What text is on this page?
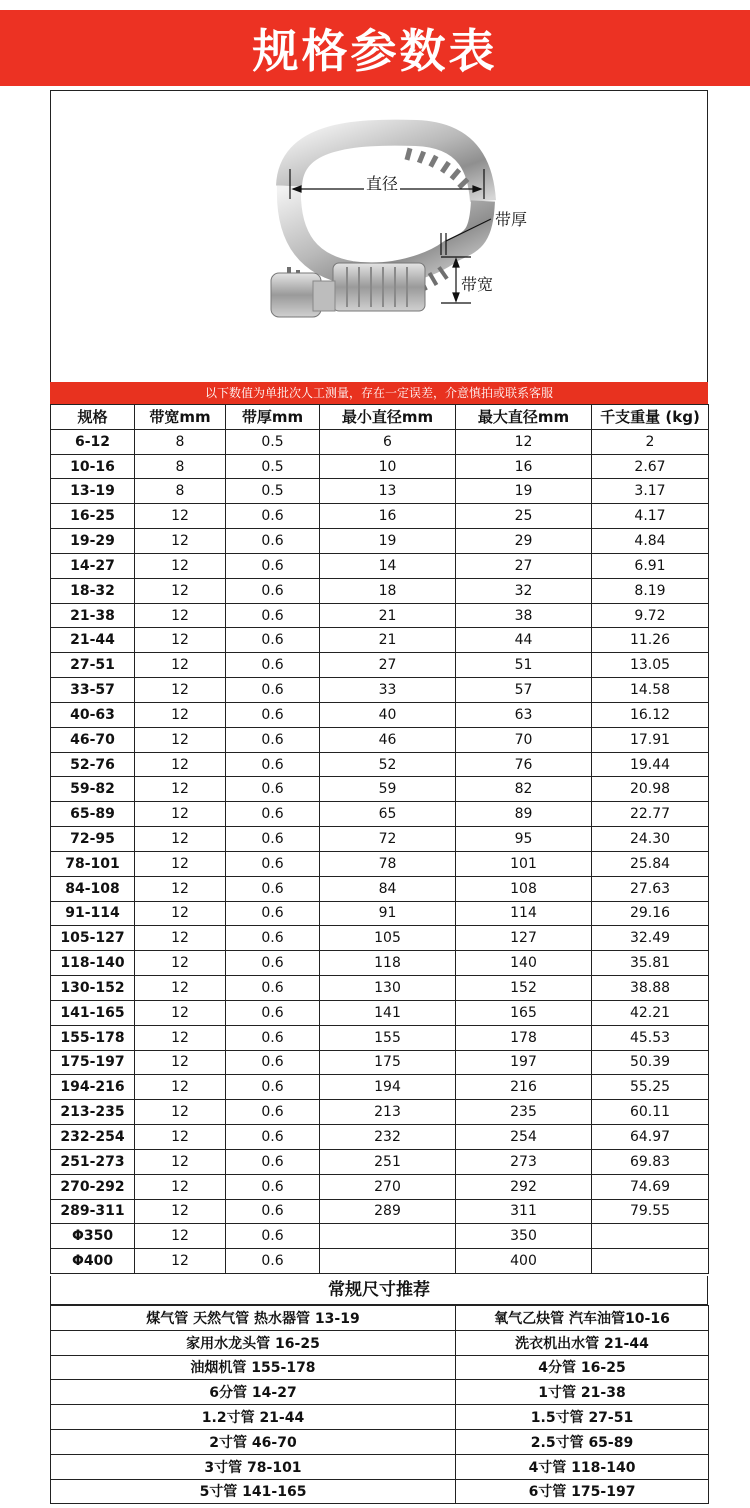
规格参数表
直径
带厚
带宽
以下数值为单批次人工测量，存在一定误差，介意慎拍或联系客服
规格	带宽mm	带厚mm	最小直径mm	最大直径mm	千支重量 (kg)
6-12	8	0.5	6	12	2
10-16	8	0.5	10	16	2.67
13-19	8	0.5	13	19	3.17
16-25	12	0.6	16	25	4.17
19-29	12	0.6	19	29	4.84
14-27	12	0.6	14	27	6.91
18-32	12	0.6	18	32	8.19
21-38	12	0.6	21	38	9.72
21-44	12	0.6	21	44	11.26
27-51	12	0.6	27	51	13.05
33-57	12	0.6	33	57	14.58
40-63	12	0.6	40	63	16.12
46-70	12	0.6	46	70	17.91
52-76	12	0.6	52	76	19.44
59-82	12	0.6	59	82	20.98
65-89	12	0.6	65	89	22.77
72-95	12	0.6	72	95	24.30
78-101	12	0.6	78	101	25.84
84-108	12	0.6	84	108	27.63
91-114	12	0.6	91	114	29.16
105-127	12	0.6	105	127	32.49
118-140	12	0.6	118	140	35.81
130-152	12	0.6	130	152	38.88
141-165	12	0.6	141	165	42.21
155-178	12	0.6	155	178	45.53
175-197	12	0.6	175	197	50.39
194-216	12	0.6	194	216	55.25
213-235	12	0.6	213	235	60.11
232-254	12	0.6	232	254	64.97
251-273	12	0.6	251	273	69.83
270-292	12	0.6	270	292	74.69
289-311	12	0.6	289	311	79.55
Φ350	12	0.6		350	
Φ400	12	0.6		400	
常规尺寸推荐
煤气管 天然气管 热水器管 13-19	氧气乙炔管 汽车油管10-16
家用水龙头管 16-25	洗衣机出水管 21-44
油烟机管 155-178	4分管 16-25
6分管 14-27	1寸管 21-38
1.2寸管 21-44	1.5寸管 27-51
2寸管 46-70	2.5寸管 65-89
3寸管 78-101	4寸管 118-140
5寸管 141-165	6寸管 175-197
